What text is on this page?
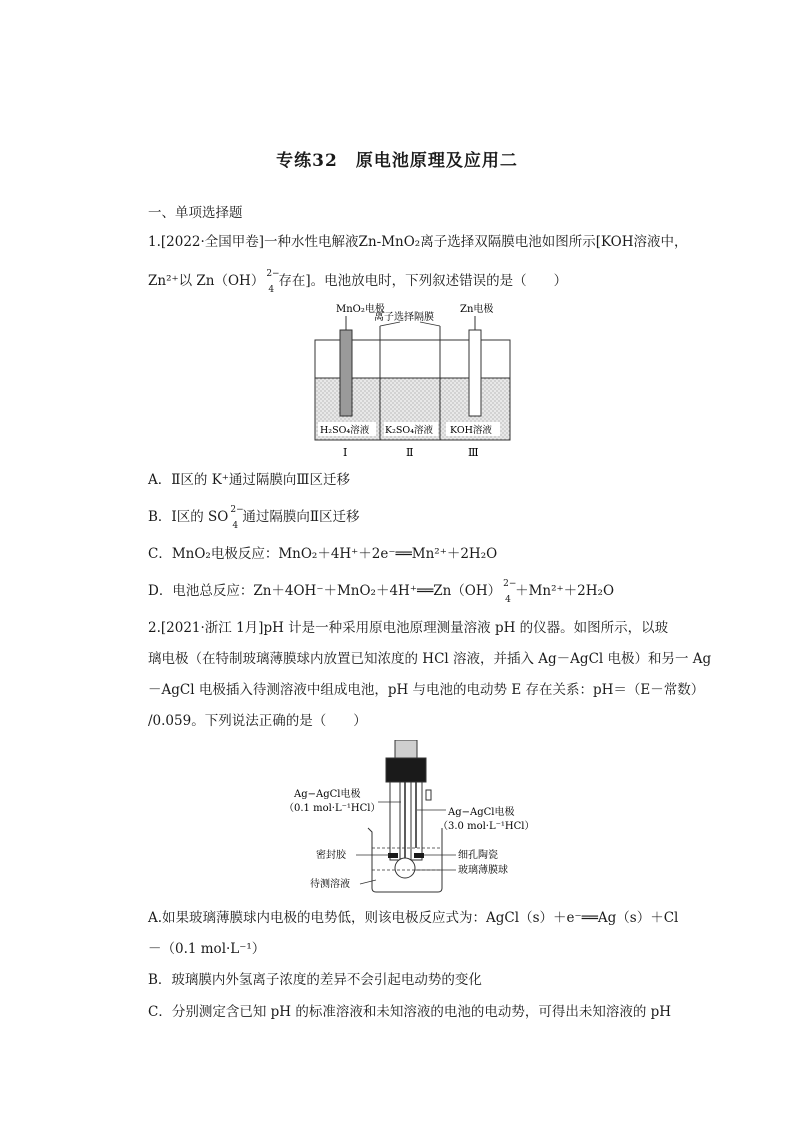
专练32　原电池原理及应用二
一、单项选择题
1.[2022·全国甲卷]一种水性电解液Zn-MnO₂离子选择双隔膜电池如图所示[KOH溶液中，
Zn²⁺以 Zn（OH） 2−
4
存在]。电池放电时，下列叙述错误的是（　　）
MnO₂电极
离子选择隔膜
Zn电极
H₂SO₄溶液 K₂SO₄溶液 KOH溶液
Ⅰ	Ⅱ	Ⅲ
A．Ⅱ区的 K⁺通过隔膜向Ⅲ区迁移
B．Ⅰ区的 SO 2−
4
通过隔膜向Ⅱ区迁移
C．MnO₂电极反应：MnO₂＋4H⁺＋2e⁻══Mn²⁺＋2H₂O
D．电池总反应：Zn＋4OH⁻＋MnO₂＋4H⁺══Zn（OH） 2−
4
＋Mn²⁺＋2H₂O
2.[2021·浙江 1月]pH 计是一种采用原电池原理测量溶液 pH 的仪器。如图所示，以玻
璃电极（在特制玻璃薄膜球内放置已知浓度的 HCl 溶液，并插入 Ag－AgCl 电极）和另一 Ag
－AgCl 电极插入待测溶液中组成电池，pH 与电池的电动势 E 存在关系：pH＝（E－常数）
/0.059。下列说法正确的是（　　）
Ag−AgCl电极
（0.1 mol·L⁻¹HCl）
密封胶
待测溶液
Ag−AgCl电极
（3.0 mol·L⁻¹HCl）
细孔陶瓷
玻璃薄膜球
A.如果玻璃薄膜球内电极的电势低，则该电极反应式为：AgCl（s）＋e⁻══Ag（s）＋Cl
－（0.1 mol·L⁻¹）
B．玻璃膜内外氢离子浓度的差异不会引起电动势的变化
C．分别测定含已知 pH 的标准溶液和未知溶液的电池的电动势，可得出未知溶液的 pH
